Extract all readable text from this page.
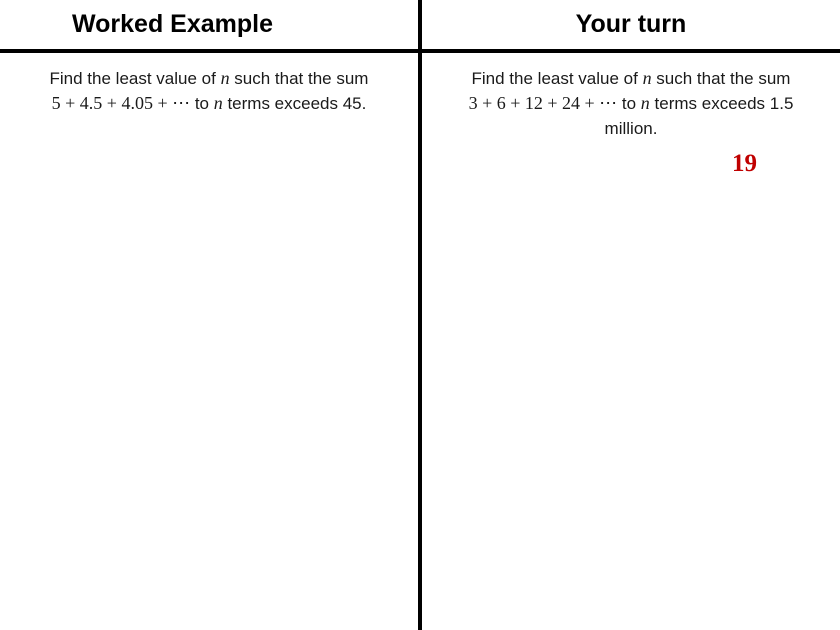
Worked Example
Find the least value of n such that the sum
5 + 4.5 + 4.05 + ⋯ to n terms exceeds 45.
Your turn
Find the least value of n such that the sum
3 + 6 + 12 + 24 + ⋯ to n terms exceeds 1.5
million.
19
